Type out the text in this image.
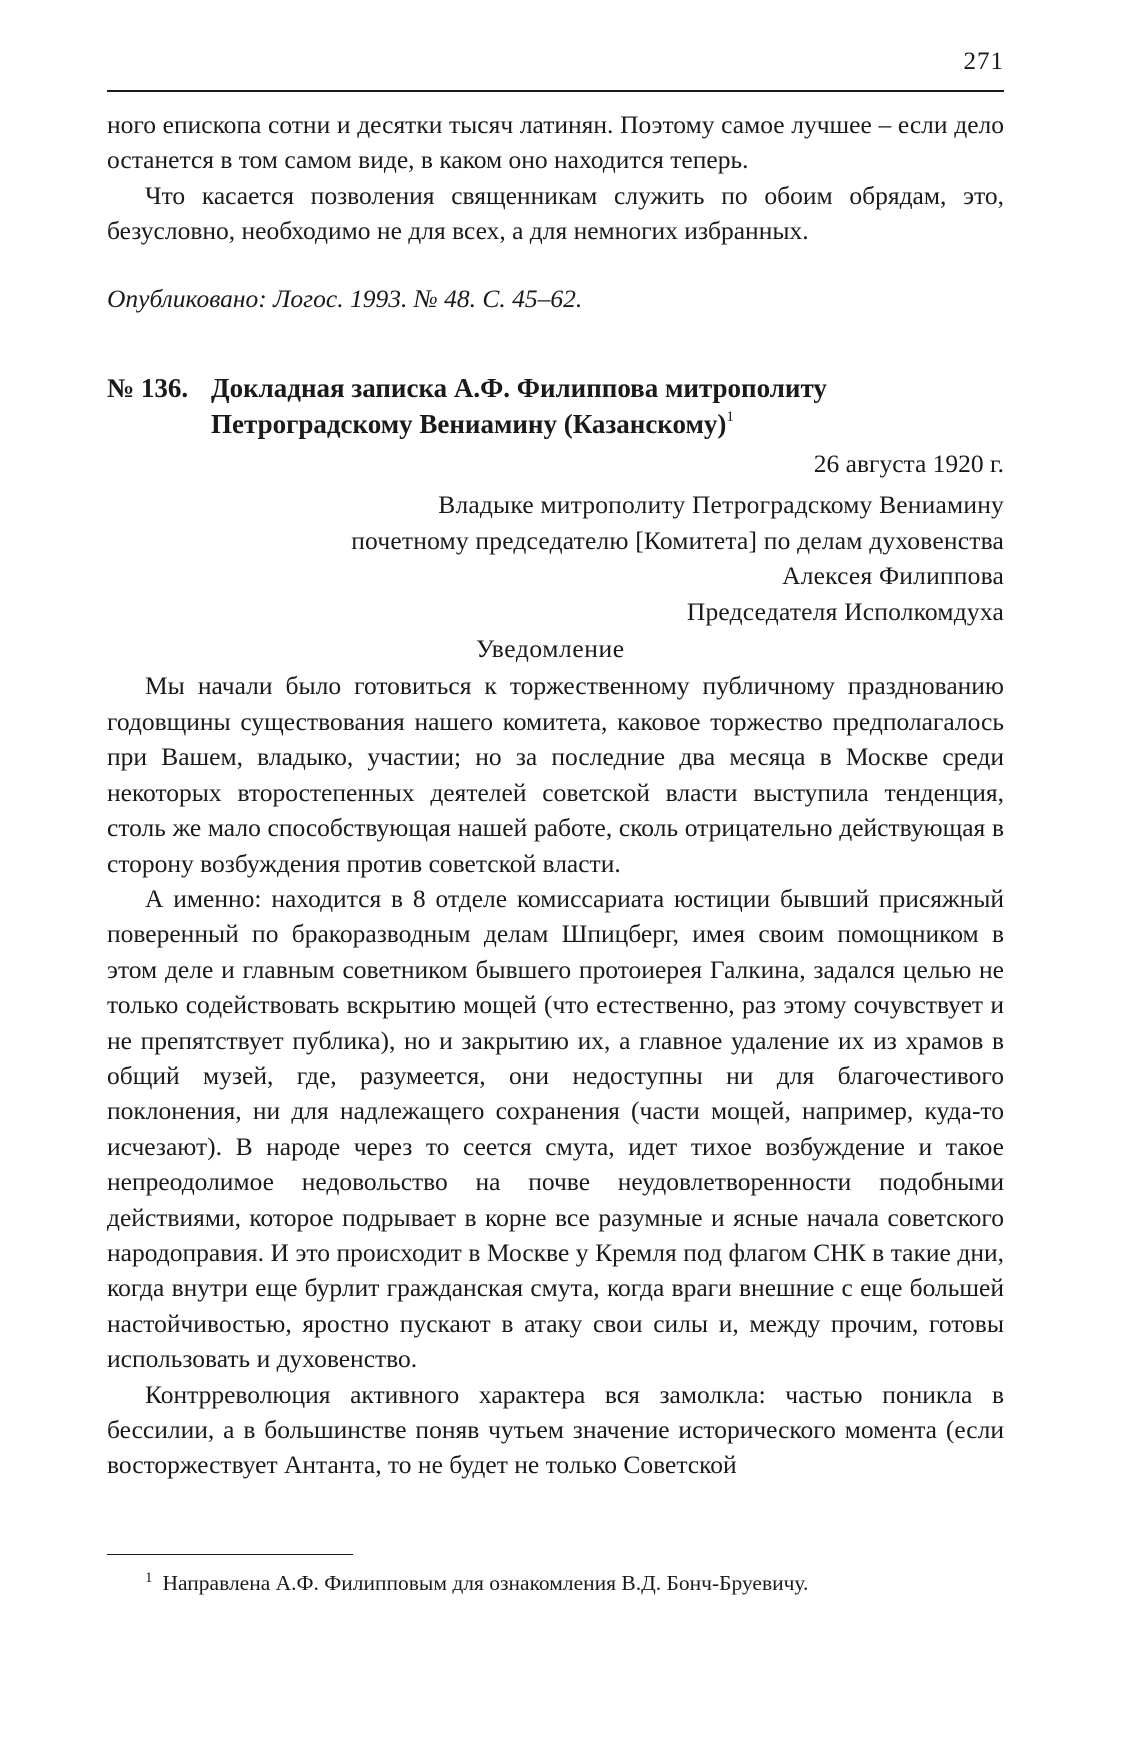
271

ного епископа сотни и десятки тысяч латинян. Поэтому самое лучшее – если дело останется в том самом виде, в каком оно находится теперь.

Что касается позволения священникам служить по обоим обрядам, это, безусловно, необходимо не для всех, а для немногих избранных.

Опубликовано: Логос. 1993. № 48. С. 45–62.

№ 136. Докладная записка А.Ф. Филиппова митрополиту
Петроградскому Вениамину (Казанскому)$^1$
26 августа 1920 г.
Владыке митрополиту Петроградскому Вениамину
почетному председателю [Комитета] по делам духовенства
Алексея Филиппова
Председателя Исполкомдуха
Уведомление

Мы начали было готовиться к торжественному публичному празднованию годовщины существования нашего комитета, каковое торжество предполагалось при Вашем, владыко, участии; но за последние два месяца в Москве среди некоторых второстепенных деятелей советской власти выступила тенденция, столь же мало способствующая нашей работе, сколь отрицательно действующая в сторону возбуждения против советской власти.

А именно: находится в 8 отделе комиссариата юстиции бывший присяжный поверенный по бракоразводным делам Шпицберг, имея своим помощником в этом деле и главным советником бывшего протоиерея Галкина, задался целью не только содействовать вскрытию мощей (что естественно, раз этому сочувствует и не препятствует публика), но и закрытию их, а главное удаление их из храмов в общий музей, где, разумеется, они недоступны ни для благочестивого поклонения, ни для надлежащего сохранения (части мощей, например, куда-то исчезают). В народе через то сеется смута, идет тихое возбуждение и такое непреодолимое недовольство на почве неудовлетворенности подобными действиями, которое подрывает в корне все разумные и ясные начала советского народоправия. И это происходит в Москве у Кремля под флагом СНК в такие дни, когда внутри еще бурлит гражданская смута, когда враги внешние с еще большей настойчивостью, яростно пускают в атаку свои силы и, между прочим, готовы использовать и духовенство.

Контрреволюция активного характера вся замолкла: частью поникла в бессилии, а в большинстве поняв чутьем значение исторического момента (если восторжествует Антанта, то не будет не только Советской

$^1$ Направлена А.Ф. Филипповым для ознакомления В.Д. Бонч-Бруевичу.
